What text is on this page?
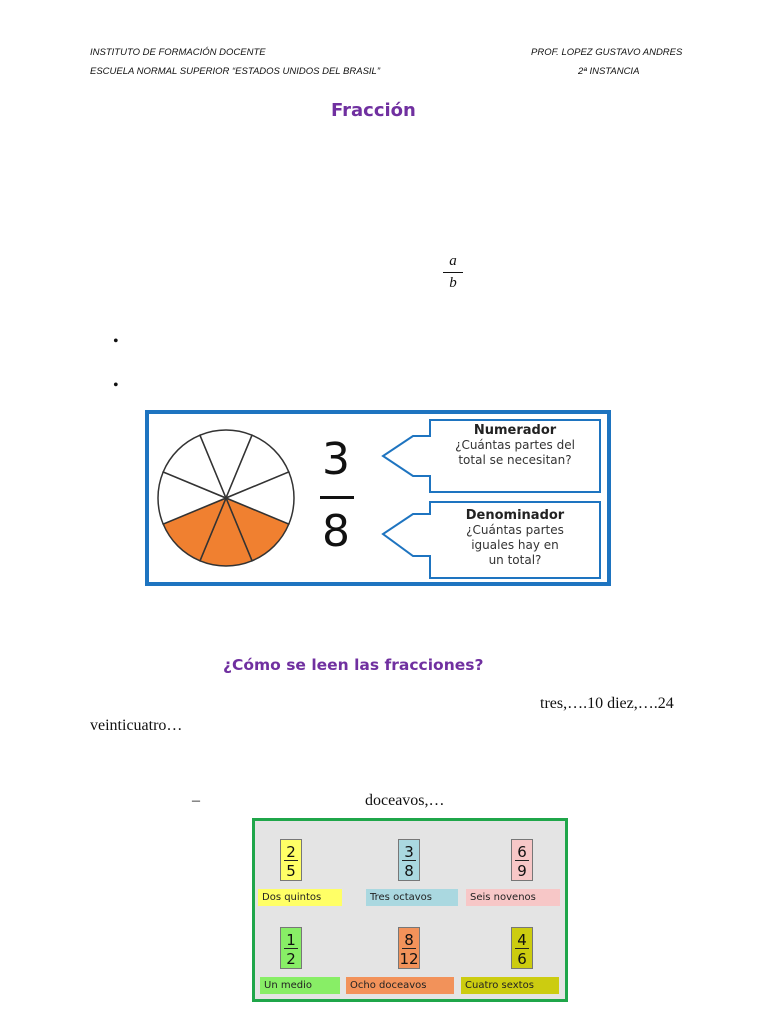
INSTITUTO DE FORMACIÓN DOCENTE
ESCUELA NORMAL SUPERIOR “ESTADOS UNIDOS DEL BRASIL”
PROF. LOPEZ GUSTAVO ANDRES
2ª INSTANCIA
Fracción
a
b
•
•
3
8
Numerador
¿Cuántas partes del
total se necesitan?
Denominador
¿Cuántas partes
iguales hay en
un total?
¿Cómo se leen las fracciones?
tres,….10 diez,….24
veinticuatro…
–	doceavos,…
2
5
3
8
6
9
Dos quintos	Tres octavos	Seis novenos
1
2
8
12
4
6
Un medio	Ocho doceavos	Cuatro sextos
